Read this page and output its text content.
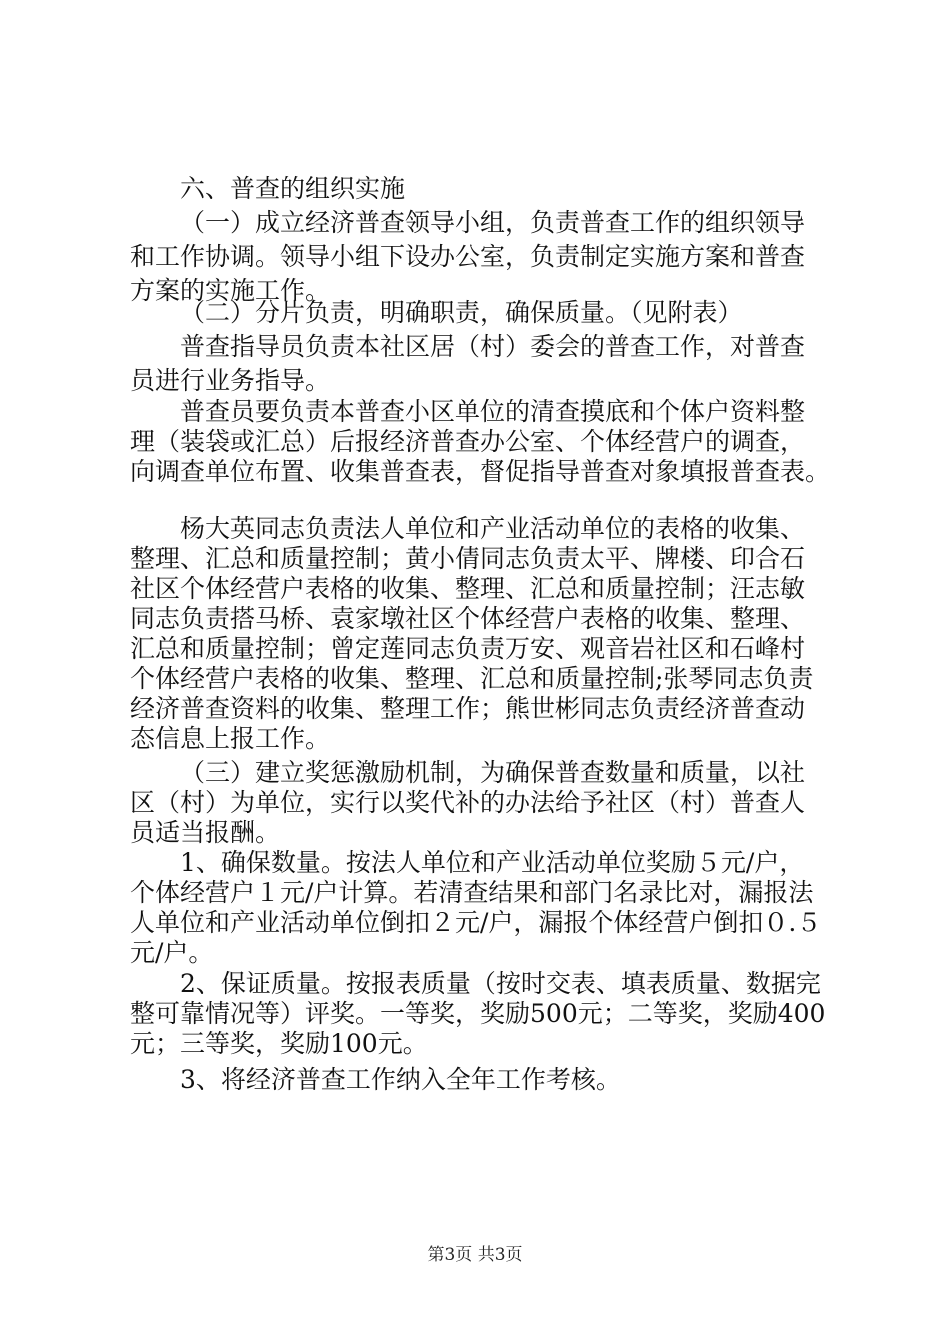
六、普查的组织实施
（一）成立经济普查领导小组，负责普查工作的组织领导
和工作协调。领导小组下设办公室，负责制定实施方案和普查
方案的实施工作。
（二）分片负责，明确职责，确保质量。（见附表）
普查指导员负责本社区居（村）委会的普查工作，对普查
员进行业务指导。
普查员要负责本普查小区单位的清查摸底和个体户资料整
理（装袋或汇总）后报经济普查办公室、个体经营户的调查，
向调查单位布置、收集普查表，督促指导普查对象填报普查表。
杨大英同志负责法人单位和产业活动单位的表格的收集、
整理、汇总和质量控制；黄小倩同志负责太平、牌楼、印合石
社区个体经营户表格的收集、整理、汇总和质量控制；汪志敏
同志负责搭马桥、袁家墩社区个体经营户表格的收集、整理、
汇总和质量控制；曾定莲同志负责万安、观音岩社区和石峰村
个体经营户表格的收集、整理、汇总和质量控制;张琴同志负责
经济普查资料的收集、整理工作；熊世彬同志负责经济普查动
态信息上报工作。
（三）建立奖惩激励机制，为确保普查数量和质量，以社
区（村）为单位，实行以奖代补的办法给予社区（村）普查人
员适当报酬。
1、确保数量。按法人单位和产业活动单位奖励５元/户，
个体经营户１元/户计算。若清查结果和部门名录比对，漏报法
人单位和产业活动单位倒扣２元/户，漏报个体经营户倒扣０.５
元/户。
2、保证质量。按报表质量（按时交表、填表质量、数据完
整可靠情况等）评奖。一等奖，奖励500元；二等奖，奖励400
元；三等奖，奖励100元。
3、将经济普查工作纳入全年工作考核。
第3页 共3页
